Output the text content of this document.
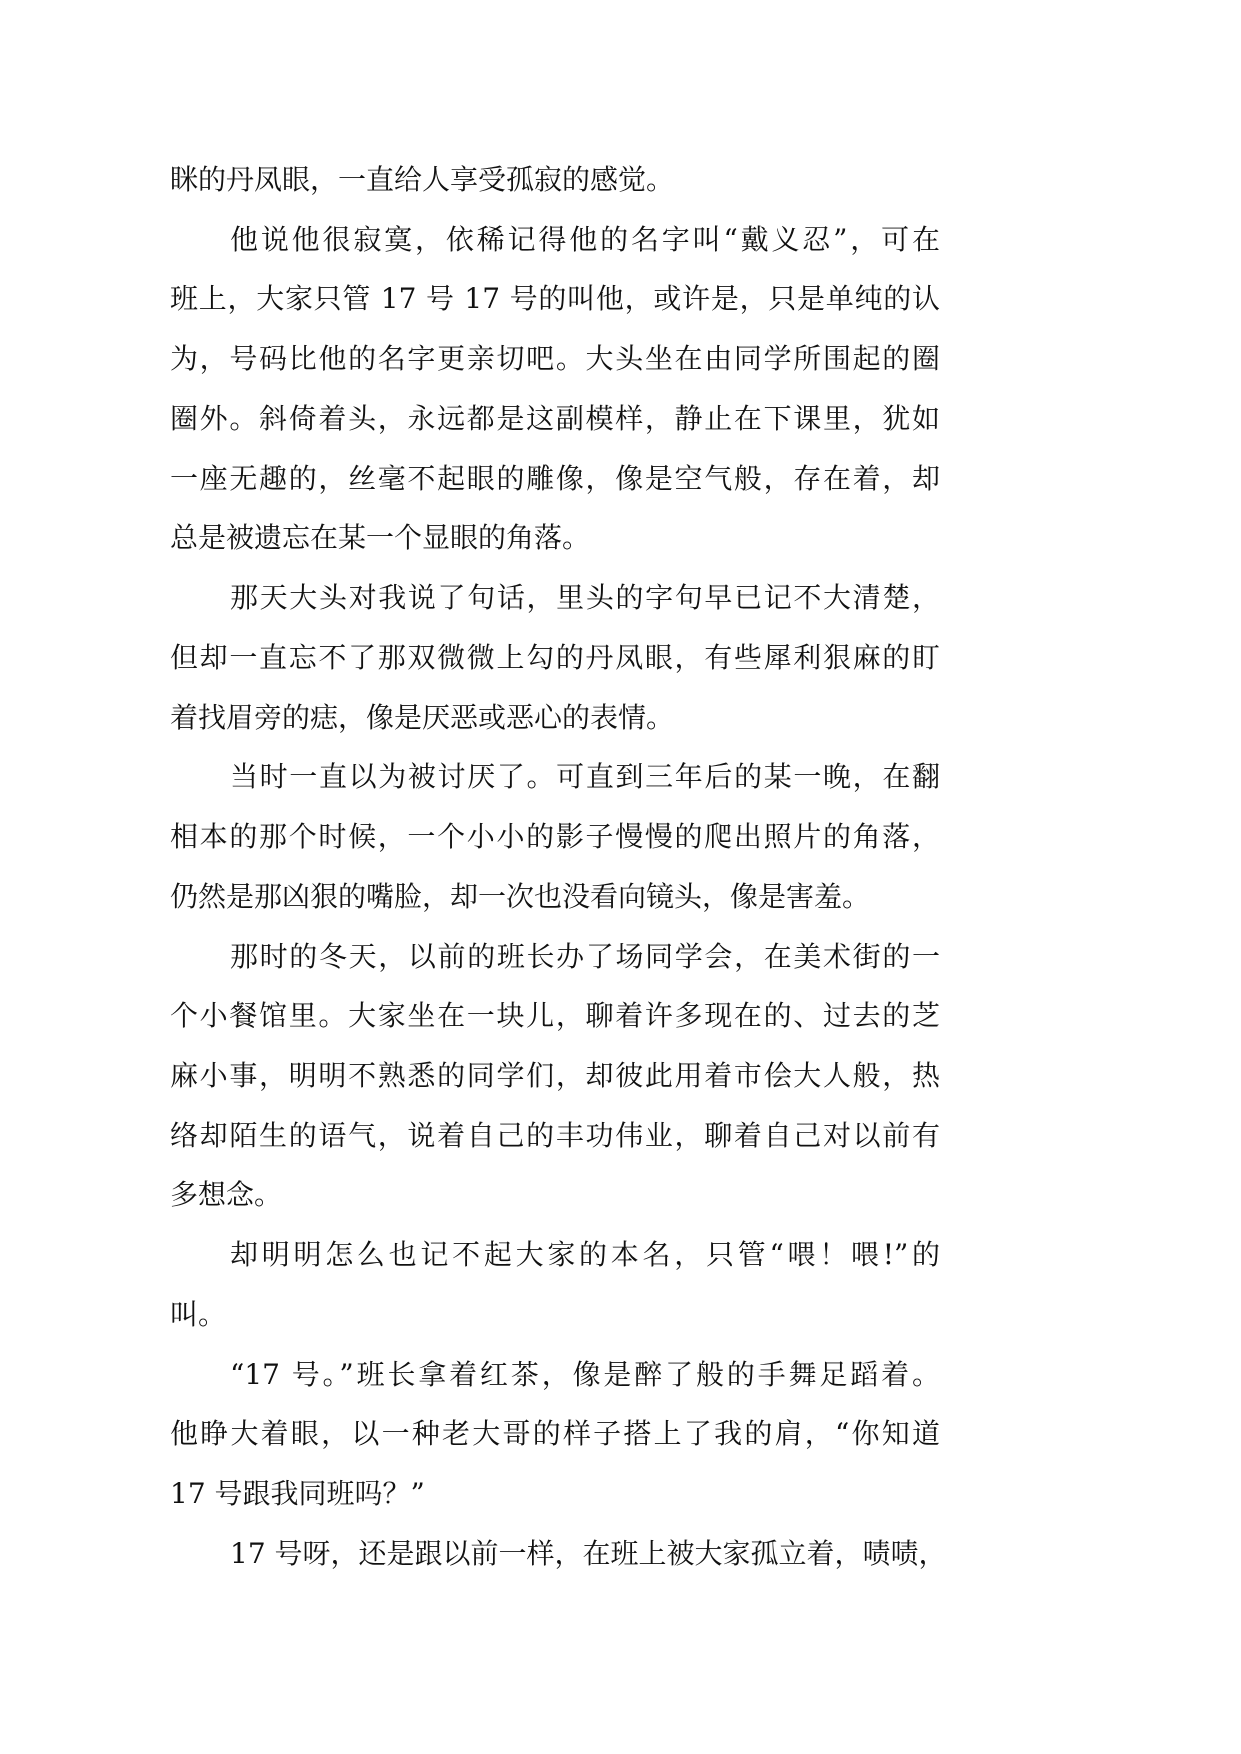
眯的丹凤眼，一直给人享受孤寂的感觉。
他说他很寂寞，依稀记得他的名字叫“戴义忍”，可在
班上，大家只管 17 号 17 号的叫他，或许是，只是单纯的认
为，号码比他的名字更亲切吧。大头坐在由同学所围起的圈
圈外。斜倚着头，永远都是这副模样，静止在下课里，犹如
一座无趣的，丝毫不起眼的雕像，像是空气般，存在着，却
总是被遗忘在某一个显眼的角落。
那天大头对我说了句话，里头的字句早已记不大清楚，
但却一直忘不了那双微微上勾的丹凤眼，有些犀利狠麻的盯
着找眉旁的痣，像是厌恶或恶心的表情。
当时一直以为被讨厌了。可直到三年后的某一晚，在翻
相本的那个时候，一个小小的影子慢慢的爬出照片的角落，
仍然是那凶狠的嘴脸，却一次也没看向镜头，像是害羞。
那时的冬天，以前的班长办了场同学会，在美术街的一
个小餐馆里。大家坐在一块儿，聊着许多现在的、过去的芝
麻小事，明明不熟悉的同学们，却彼此用着市侩大人般，热
络却陌生的语气，说着自己的丰功伟业，聊着自己对以前有
多想念。
却明明怎么也记不起大家的本名，只管“喂！喂!”的
叫。
“17 号。”班长拿着红茶，像是醉了般的手舞足蹈着。
他睁大着眼，以一种老大哥的样子搭上了我的肩，“你知道
17 号跟我同班吗？”
17 号呀，还是跟以前一样，在班上被大家孤立着，啧啧，
